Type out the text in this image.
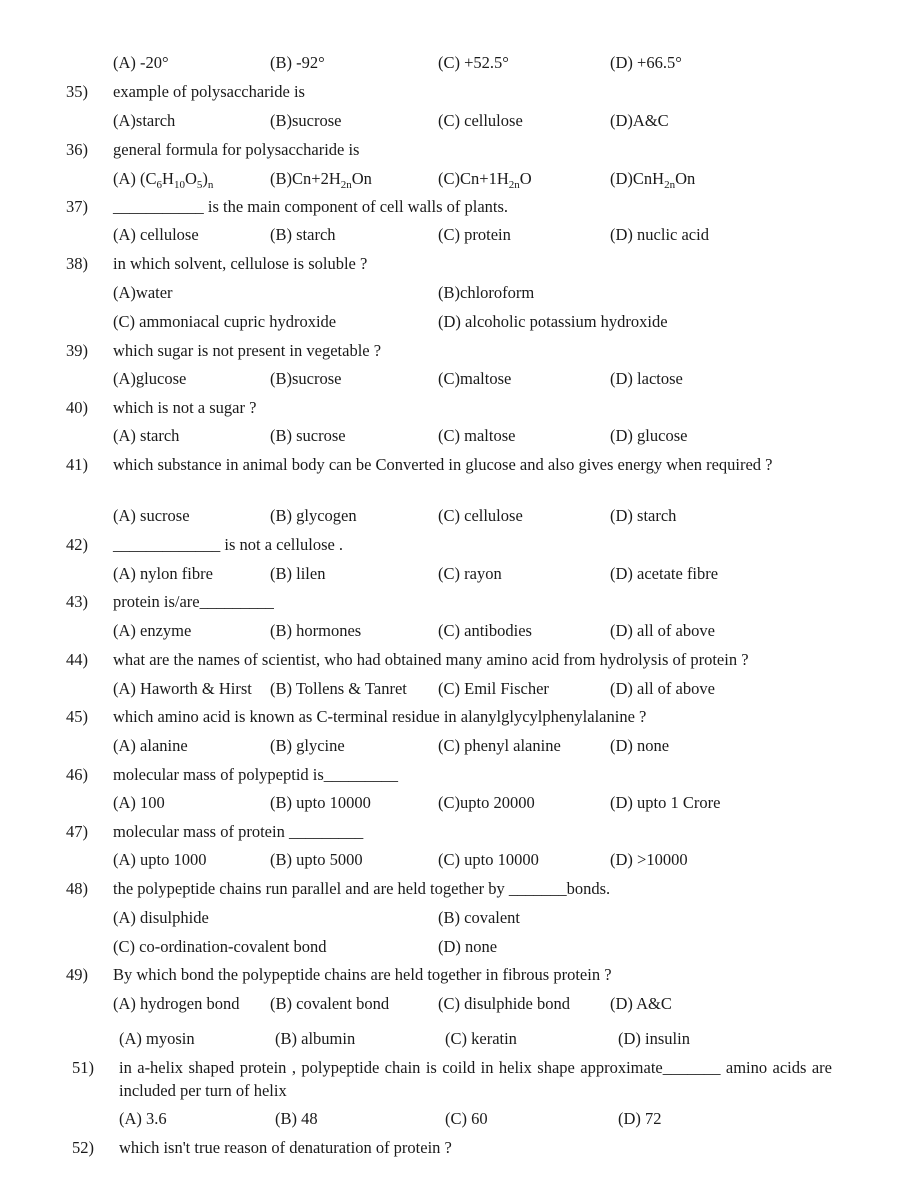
(A) -20°	(B) -92°	(C) +52.5°	(D) +66.5°
35)	example of polysaccharide is
(A)starch	(B)sucrose	(C) cellulose	(D)A&C
36)	general formula for polysaccharide is
(A) $(C_6H_{10}O_5)_n$	$(B)Cn+2H_{2n}On$	$(C)Cn+1H_{2n}O$	(D)CnH$_{2n}$On
37)	___________ is the main component of cell walls of plants.
(A) cellulose	(B) starch	(C) protein	(D) nuclic acid
38)	in which solvent, cellulose is soluble ?
(A)water	(B)chloroform
(C) ammoniacal cupric hydroxide	(D) alcoholic potassium hydroxide
39)	which sugar is not present in vegetable ?
(A)glucose	(B)sucrose	(C)maltose	(D) lactose
40)	which is not a sugar ?
(A) starch	(B) sucrose	(C) maltose	(D) glucose
41)	which substance in animal body can be Converted in glucose and also gives energy when required ?
(A) sucrose	(B) glycogen	(C) cellulose	(D) starch
42)	_____________ is not a cellulose .
(A) nylon fibre	(B) lilen	(C) rayon	(D) acetate fibre
43)	protein is/are_________
(A) enzyme	(B) hormones	(C) antibodies	(D) all of above
44)	what are the names of scientist, who had obtained many amino acid from hydrolysis of protein ?
(A) Haworth & Hirst (B) Tollens & Tanret (C) Emil Fischer	(D) all of above
45)	which amino acid is known as C-terminal residue in alanylglycylphenylalanine ?
(A) alanine	(B) glycine	(C) phenyl alanine	(D) none
46)	molecular mass of polypeptid is_________
(A) 100	(B) upto 10000	(C)upto 20000	(D) upto 1 Crore
47)	molecular mass of protein _________
(A) upto 1000	(B) upto 5000	(C) upto 10000	(D) >10000
48)	the polypeptide chains run parallel and are held together by _______bonds.
(A) disulphide	(B) covalent
(C) co-ordination-covalent bond	(D) none
49)	By which bond the polypeptide chains are held together in fibrous protein ?
(A) hydrogen bond (B) covalent bond	(C) disulphide bond (D) A&C
(A) myosin	(B) albumin	(C) keratin	(D) insulin
51)	in a-helix shaped protein , polypeptide chain is coild in helix shape approximate_______ amino acids are included per turn of helix
(A) 3.6	(B) 48	(C) 60	(D) 72
52)	which isn't true reason of denaturation of protein ?
